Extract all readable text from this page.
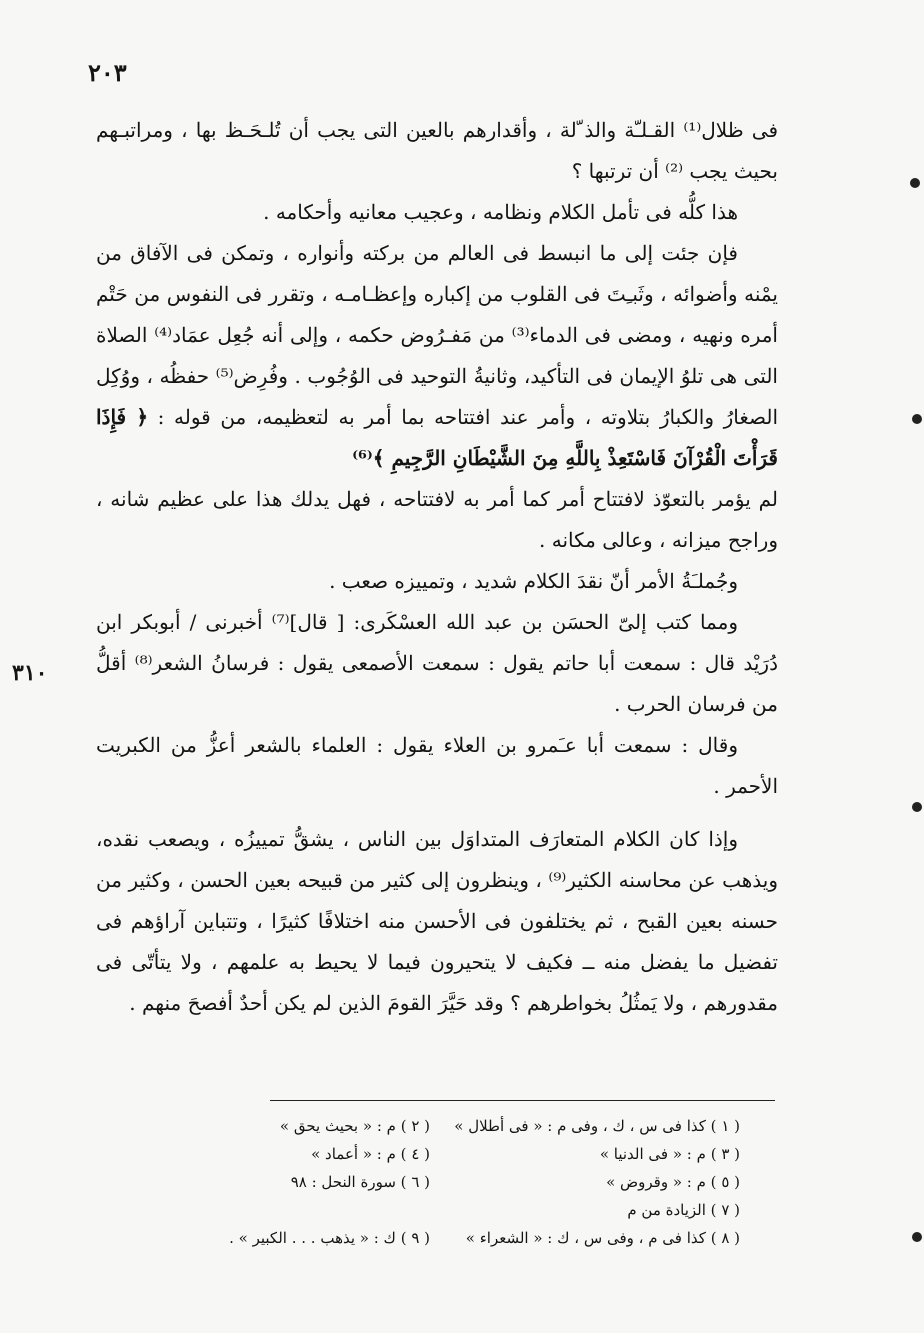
٢٠٣
٣١٠

فى ظلال⁽¹⁾ القـلـّة والذ ّلة ، وأقدارهم بالعين التى يجب أن تُلـحَـظ بها ، ومراتبـهم بحيث يجب ⁽²⁾ أن ترتبها ؟

هذا كلُّه فى تأمل الكلام ونظامه ، وعجيب معانيه وأحكامه .

فإن جئت إلى ما انبسط فى العالم من بركته وأنواره ، وتمكن فى الآفاق من يمْنه وأضوائه ، وثَبـِتَ فى القلوب من إكباره وإعظـامـه ، وتقرر فى النفوس من حَتْم أمره ونهيه ، ومضى فى الدماء⁽³⁾ من مَفـرُوض حكمه ، وإلى أنه جُعِل عمَاد⁽⁴⁾ الصلاة التى هى تلوُ الإيمان فى التأكيد، وثانيةُ التوحيد فى الوُجُوب . وفُرِض⁽⁵⁾ حفظُه ، ووُكِل الصغارُ والكبارُ بتلاوته ، وأمر عند افتتاحه بما أمر به لتعظيمه، من قوله : ﴿ فَإِذَا قَرَأْتَ الْقُرْآنَ فَاسْتَعِذْ بِاللَّهِ مِنَ الشَّيْطَانِ الرَّجِيمِ ﴾⁽⁶⁾

لم يؤمر بالتعوّذ لافتتاح أمر كما أمر به لافتتاحه ، فهل يدلك هذا على عظيم شانه ، وراجح ميزانه ، وعالى مكانه .

وجُملـَةُ الأمر أنّ نقدَ الكلام شديد ، وتمييزه صعب .

ومما كتب إلىّ الحسَن بن عبد الله العسْكَرى: [ قال]⁽⁷⁾ أخبرنى / أبوبكر ابن دُرَيْد قال : سمعت أبا حاتم يقول : سمعت الأصمعى يقول : فرسانُ الشعر⁽⁸⁾ أقلُّ من فرسان الحرب .

وقال : سمعت أبا عـَمرو بن العلاء يقول : العلماء بالشعر أعزُّ من الكبريت الأحمر .

وإذا كان الكلام المتعارَف المتداوَل بين الناس ، يشقُّ تمييزُه ، ويصعب نقده، ويذهب عن محاسنه الكثير⁽⁹⁾ ، وينظرون إلى كثير من قبيحه بعين الحسن ، وكثير من حسنه بعين القبح ، ثم يختلفون فى الأحسن منه اختلافًا كثيرًا ، وتتباين آراؤهم فى تفضيل ما يفضل منه ــ فكيف لا يتحيرون فيما لا يحيط به علمهم ، ولا يتأتّى فى مقدورهم ، ولا يَمثُلُ بخواطرهم ؟ وقد حَيَّرَ القومَ الذين لم يكن أحدٌ أفصحَ منهم .

( ١ ) كذا فى س ، ك ، وفى م : « فى أطلال »
( ٢ ) م : « بحيث يحق »
( ٣ ) م : « فى الدنيا »
( ٤ ) م : « أعماد »
( ٥ ) م : « وقروض »
( ٦ ) سورة النحل : ٩٨
( ٧ ) الزيادة من م
( ٨ ) كذا فى م ، وفى س ، ك : « الشعراء »
( ٩ ) ك : « يذهب . . . الكبير » .
